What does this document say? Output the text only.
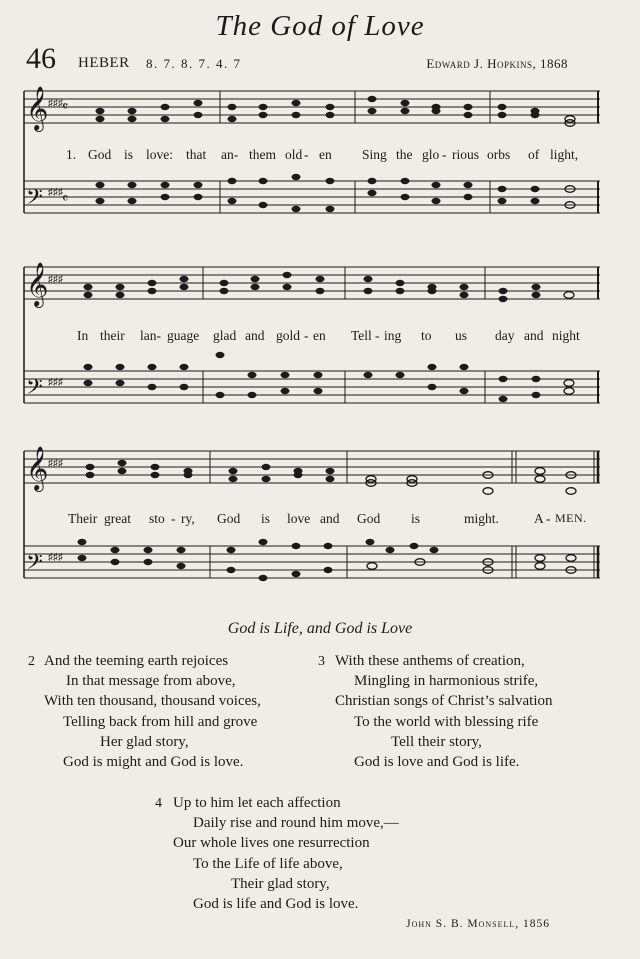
The God of Love
46 HEBER 8. 7. 8. 7. 4. 7	Edward J. Hopkins, 1868
𝄞 ♯♯♯ 𝄴
𝄢 ♯♯♯ 𝄴
1. God is love: that an- them old - en Sing the glo - rious orbs of light,
𝄞 ♯♯♯
𝄢 ♯♯♯
In their lan- guage glad and gold - en Tell - ing to us day and night
𝄞 ♯♯♯
𝄢 ♯♯♯
Their great sto - ry, God is love and God is	might.	A - MEN.
God is Life, and God is Love
2 And the teeming earth rejoices
In that message from above,
With ten thousand, thousand voices,
Telling back from hill and grove
Her glad story,
God is might and God is love.
3 With these anthems of creation,
Mingling in harmonious strife,
Christian songs of Christ’s salvation
To the world with blessing rife
Tell their story,
God is love and God is life.
4 Up to him let each affection
Daily rise and round him move,—
Our whole lives one resurrection
To the Life of life above,
Their glad story,
God is life and God is love.
John S. B. Monsell, 1856
